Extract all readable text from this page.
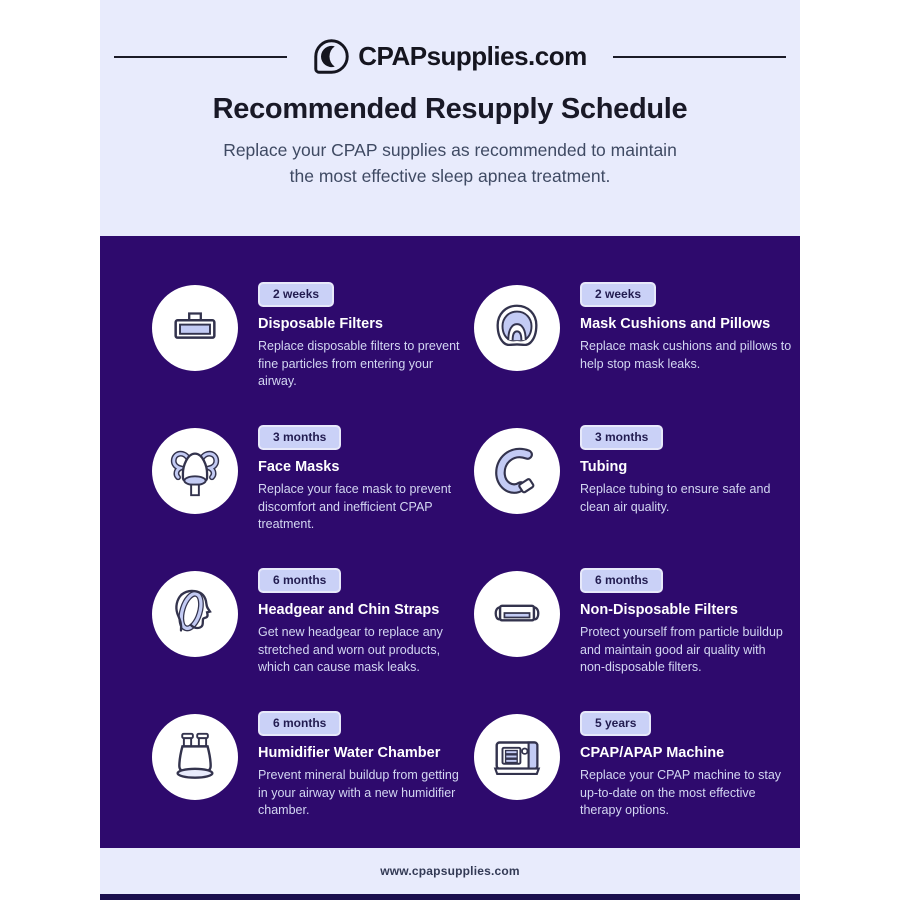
CPAPsupplies.com
Recommended Resupply Schedule
Replace your CPAP supplies as recommended to maintain
the most effective sleep apnea treatment.
2 weeks
Disposable Filters
Replace disposable filters to prevent fine particles from entering your airway.
2 weeks
Mask Cushions and Pillows
Replace mask cushions and pillows to help stop mask leaks.
3 months
Face Masks
Replace your face mask to prevent discomfort and inefficient CPAP treatment.
3 months
Tubing
Replace tubing to ensure safe and clean air quality.
6 months
Headgear and Chin Straps
Get new headgear to replace any stretched and worn out products, which can cause mask leaks.
6 months
Non-Disposable Filters
Protect yourself from particle buildup and maintain good air quality with non-disposable filters.
6 months
Humidifier Water Chamber
Prevent mineral buildup from getting in your airway with a new humidifier chamber.
5 years
CPAP/APAP Machine
Replace your CPAP machine to stay up-to-date on the most effective therapy options.
www.cpapsupplies.com
